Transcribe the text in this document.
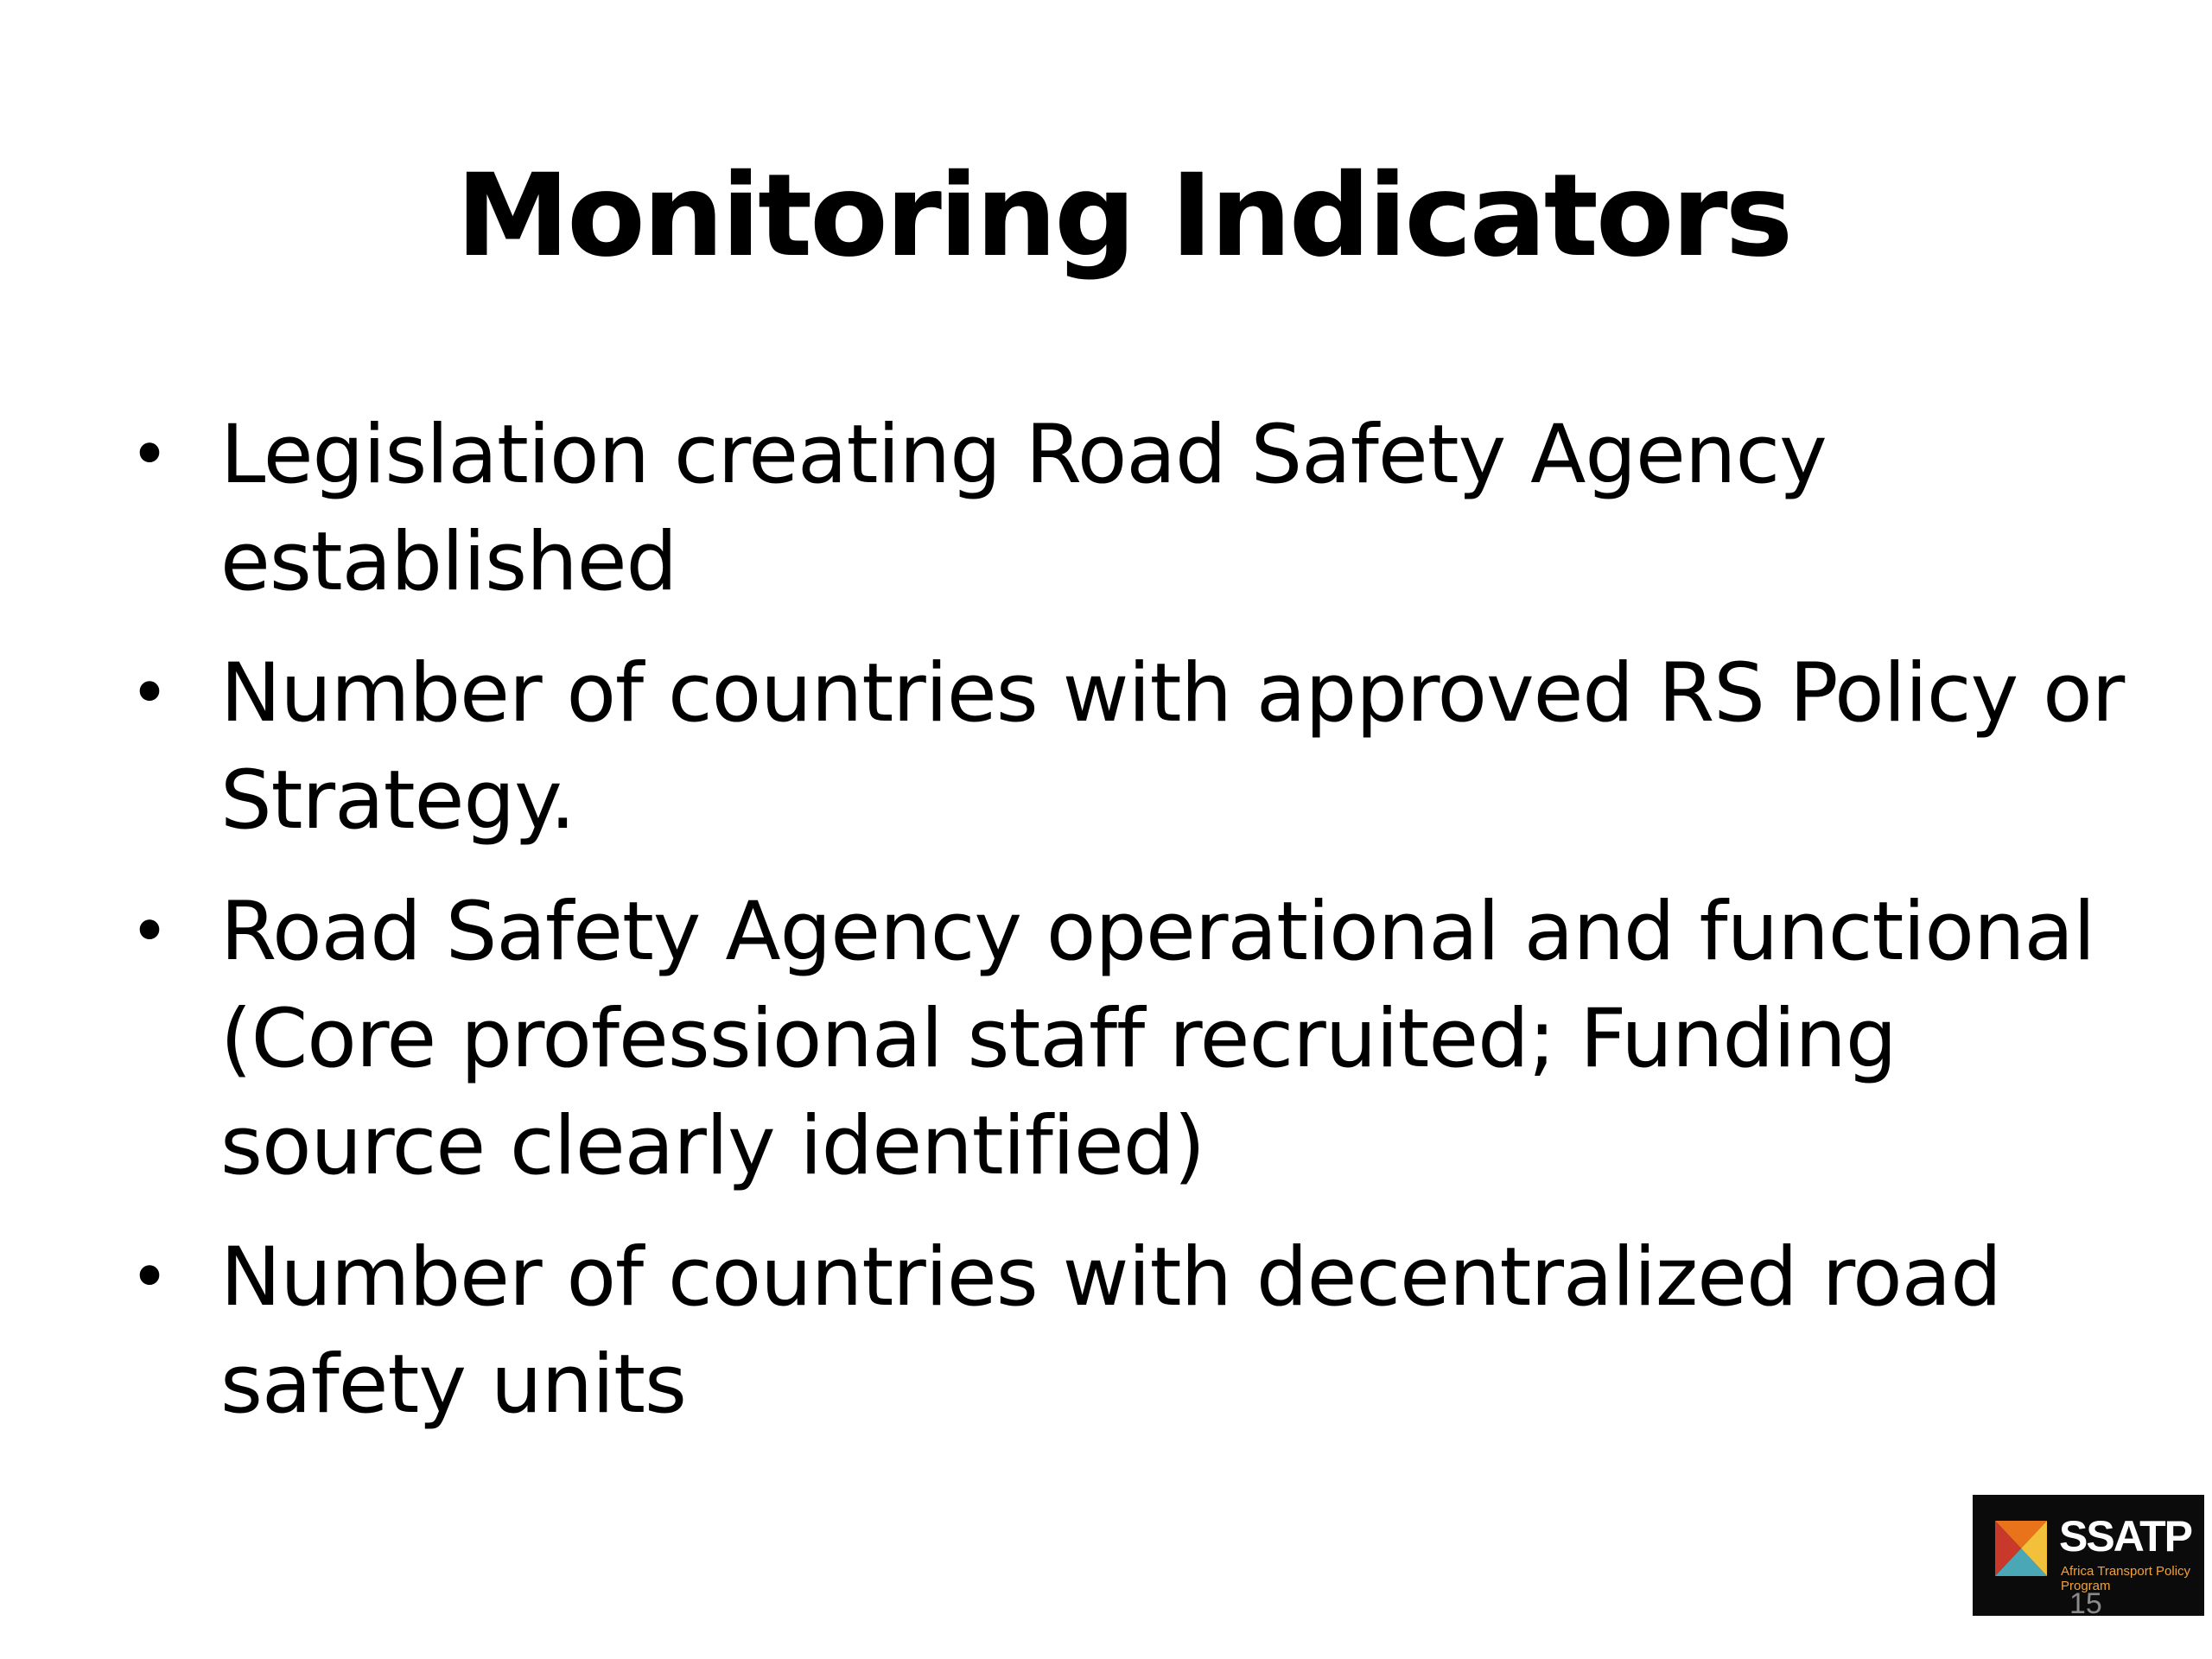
Monitoring Indicators
• Legislation creating Road Safety Agency established
• Number of countries with approved RS Policy or Strategy.
• Road Safety Agency operational and functional (Core professional staff recruited; Funding source clearly identified)
• Number of countries with decentralized road safety units
SSATP
Africa Transport Policy Program
15
